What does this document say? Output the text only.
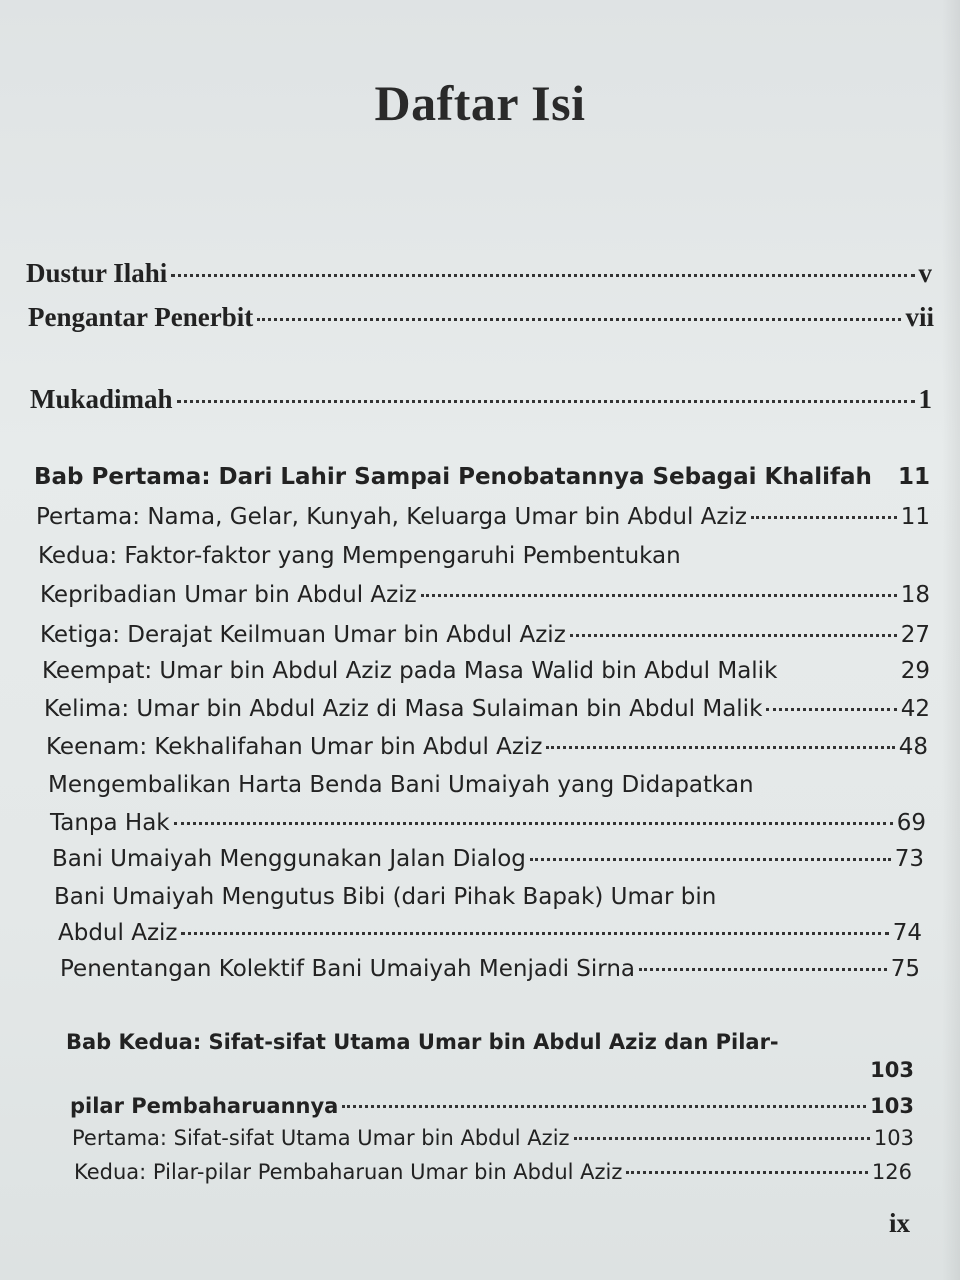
Daftar Isi
Dustur Ilahi	v
Pengantar Penerbit	vii
Mukadimah	1
Bab Pertama: Dari Lahir Sampai Penobatannya Sebagai Khalifah 11
Pertama: Nama, Gelar, Kunyah, Keluarga Umar bin Abdul Aziz	11
Kedua: Faktor-faktor yang Mempengaruhi Pembentukan
Kepribadian Umar bin Abdul Aziz	18
Ketiga: Derajat Keilmuan Umar bin Abdul Aziz	27
Keempat: Umar bin Abdul Aziz pada Masa Walid bin Abdul Malik	29
Kelima: Umar bin Abdul Aziz di Masa Sulaiman bin Abdul Malik	42
Keenam: Kekhalifahan Umar bin Abdul Aziz	48
Mengembalikan Harta Benda Bani Umaiyah yang Didapatkan
Tanpa Hak	69
Bani Umaiyah Menggunakan Jalan Dialog	73
Bani Umaiyah Mengutus Bibi (dari Pihak Bapak) Umar bin
Abdul Aziz	74
Penentangan Kolektif Bani Umaiyah Menjadi Sirna	75
Bab Kedua: Sifat-sifat Utama Umar bin Abdul Aziz dan Pilar-
103
pilar Pembaharuannya	103
Pertama: Sifat-sifat Utama Umar bin Abdul Aziz	103
Kedua: Pilar-pilar Pembaharuan Umar bin Abdul Aziz	126
ix
